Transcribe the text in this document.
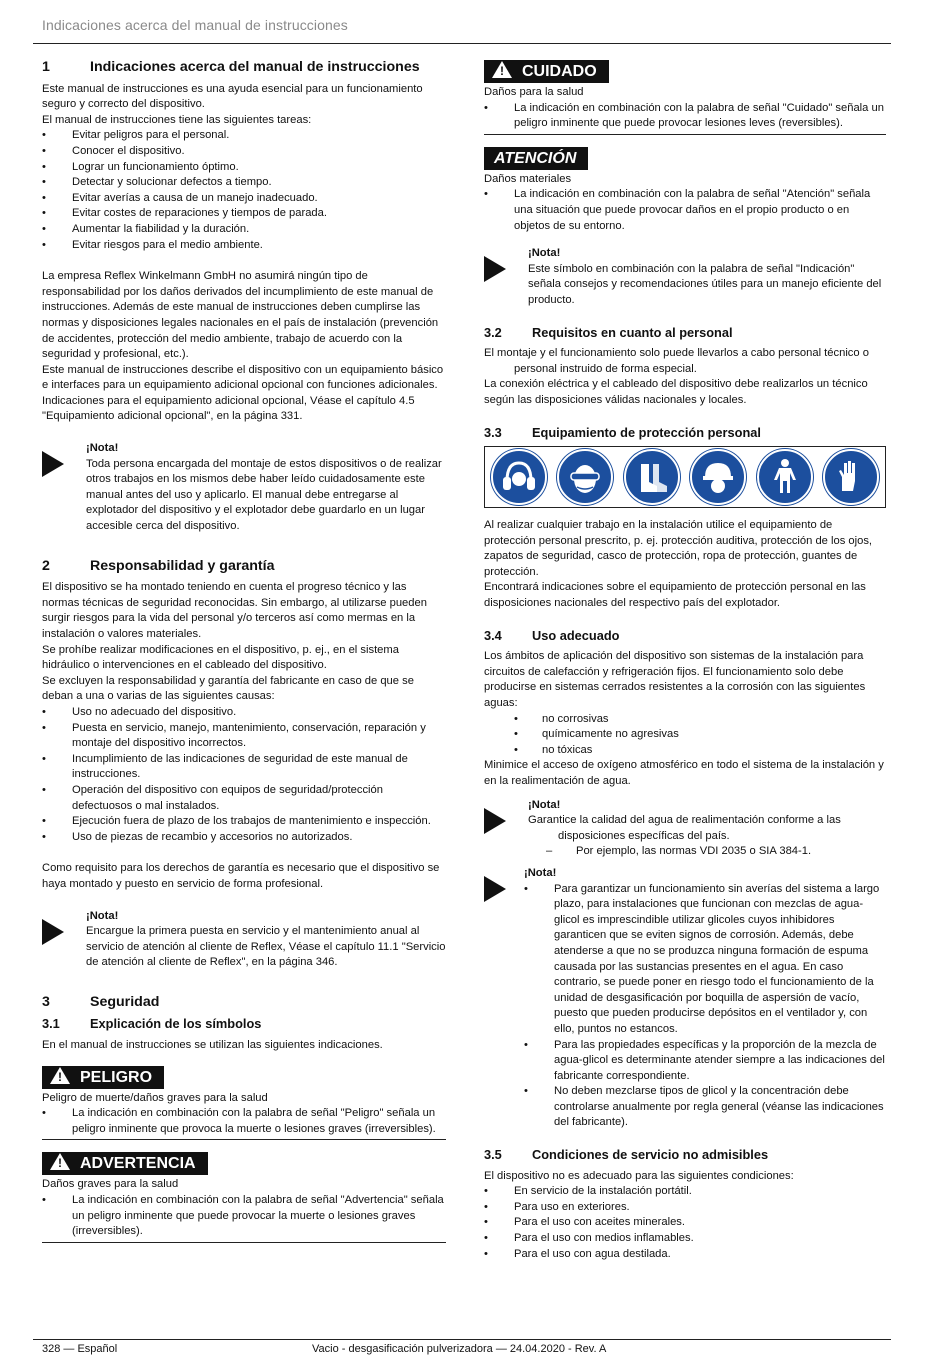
Indicaciones acerca del manual de instrucciones
1	Indicaciones acerca del manual de instrucciones

Este manual de instrucciones es una ayuda esencial para un funcionamiento seguro y correcto del dispositivo.

El manual de instrucciones tiene las siguientes tareas:

• Evitar peligros para el personal.
• Conocer el dispositivo.
• Lograr un funcionamiento óptimo.
• Detectar y solucionar defectos a tiempo.
• Evitar averías a causa de un manejo inadecuado.
• Evitar costes de reparaciones y tiempos de parada.
• Aumentar la fiabilidad y la duración.
• Evitar riesgos para el medio ambiente.

La empresa Reflex Winkelmann GmbH no asumirá ningún tipo de responsabilidad por los daños derivados del incumplimiento de este manual de instrucciones. Además de este manual de instrucciones deben cumplirse las normas y disposiciones legales nacionales en el país de instalación (prevención de accidentes, protección del medio ambiente, trabajo de acuerdo con la seguridad y profesional, etc.).

Este manual de instrucciones describe el dispositivo con un equipamiento básico e interfaces para un equipamiento adicional opcional con funciones adicionales. Indicaciones para el equipamiento adicional opcional, Véase el capítulo 4.5 "Equipamiento adicional opcional", en la página 331.

¡Nota!
Toda persona encargada del montaje de estos dispositivos o de realizar otros trabajos en los mismos debe haber leído cuidadosamente este manual antes del uso y aplicarlo. El manual debe entregarse al explotador del dispositivo y el explotador debe guardarlo en un lugar accesible cerca del dispositivo.
2	Responsabilidad y garantía

El dispositivo se ha montado teniendo en cuenta el progreso técnico y las normas técnicas de seguridad reconocidas. Sin embargo, al utilizarse pueden surgir riesgos para la vida del personal y/o terceros así como mermas en la instalación o valores materiales.

Se prohíbe realizar modificaciones en el dispositivo, p. ej., en el sistema hidráulico o intervenciones en el cableado del dispositivo.

Se excluyen la responsabilidad y garantía del fabricante en caso de que se deban a una o varias de las siguientes causas:

• Uso no adecuado del dispositivo.
• Puesta en servicio, manejo, mantenimiento, conservación, reparación y montaje del dispositivo incorrectos.
• Incumplimiento de las indicaciones de seguridad de este manual de instrucciones.
• Operación del dispositivo con equipos de seguridad/protección defectuosos o mal instalados.
• Ejecución fuera de plazo de los trabajos de mantenimiento e inspección.
• Uso de piezas de recambio y accesorios no autorizados.

Como requisito para los derechos de garantía es necesario que el dispositivo se haya montado y puesto en servicio de forma profesional.

¡Nota!
Encargue la primera puesta en servicio y el mantenimiento anual al servicio de atención al cliente de Reflex, Véase el capítulo 11.1 "Servicio de atención al cliente de Reflex", en la página 346.
3	Seguridad
3.1	Explicación de los símbolos

En el manual de instrucciones se utilizan las siguientes indicaciones.

! PELIGRO

Peligro de muerte/daños graves para la salud

• La indicación en combinación con la palabra de señal "Peligro" señala un peligro inminente que provoca la muerte o lesiones graves (irreversibles).
! ADVERTENCIA

Daños graves para la salud

• La indicación en combinación con la palabra de señal "Advertencia" señala un peligro inminente que puede provocar la muerte o lesiones graves (irreversibles).
! CUIDADO

Daños para la salud

• La indicación en combinación con la palabra de señal "Cuidado" señala un peligro inminente que puede provocar lesiones leves (reversibles).
ATENCIÓN

Daños materiales

• La indicación en combinación con la palabra de señal "Atención" señala una situación que puede provocar daños en el propio producto o en objetos de su entorno.
¡Nota!
Este símbolo en combinación con la palabra de señal "Indicación" señala consejos y recomendaciones útiles para un manejo eficiente del producto.
3.2	Requisitos en cuanto al personal

El montaje y el funcionamiento solo puede llevarlos a cabo personal técnico o

personal instruido de forma especial.

La conexión eléctrica y el cableado del dispositivo debe realizarlos un técnico según las disposiciones válidas nacionales y locales.

3.3	Equipamiento de protección personal

Al realizar cualquier trabajo en la instalación utilice el equipamiento de protección personal prescrito, p. ej. protección auditiva, protección de los ojos, zapatos de seguridad, casco de protección, ropa de protección, guantes de protección.

Encontrará indicaciones sobre el equipamiento de protección personal en las disposiciones nacionales del respectivo país del explotador.

3.4	Uso adecuado

Los ámbitos de aplicación del dispositivo son sistemas de la instalación para circuitos de calefacción y refrigeración fijos. El funcionamiento solo debe producirse en sistemas cerrados resistentes a la corrosión con las siguientes aguas:

• no corrosivas
• químicamente no agresivas
• no tóxicas

Minimice el acceso de oxígeno atmosférico en todo el sistema de la instalación y en la realimentación de agua.

¡Nota!

Garantice la calidad del agua de realimentación conforme a las

disposiciones específicas del país.

– Por ejemplo, las normas VDI 2035 o SIA 384-1.

¡Nota!
• Para garantizar un funcionamiento sin averías del sistema a largo plazo, para instalaciones que funcionan con mezclas de agua-glicol es imprescindible utilizar glicoles cuyos inhibidores garanticen que se eviten signos de corrosión. Además, debe atenderse a que no se produzca ninguna formación de espuma causada por las sustancias presentes en el agua. En caso contrario, se puede poner en riesgo todo el funcionamiento de la unidad de desgasificación por boquilla de aspersión de vacío, puesto que pueden producirse depósitos en el ventilador y, con ello, puntos no estancos.
• Para las propiedades específicas y la proporción de la mezcla de agua-glicol es determinante atender siempre a las indicaciones del fabricante correspondiente.
• No deben mezclarse tipos de glicol y la concentración debe controlarse anualmente por regla general (véanse las indicaciones del fabricante).
3.5	Condiciones de servicio no admisibles

El dispositivo no es adecuado para las siguientes condiciones:

• En servicio de la instalación portátil.
• Para uso en exteriores.
• Para el uso con aceites minerales.
• Para el uso con medios inflamables.
• Para el uso con agua destilada.
328 — Español	Vacio - desgasificación pulverizadora — 24.04.2020 - Rev. A
